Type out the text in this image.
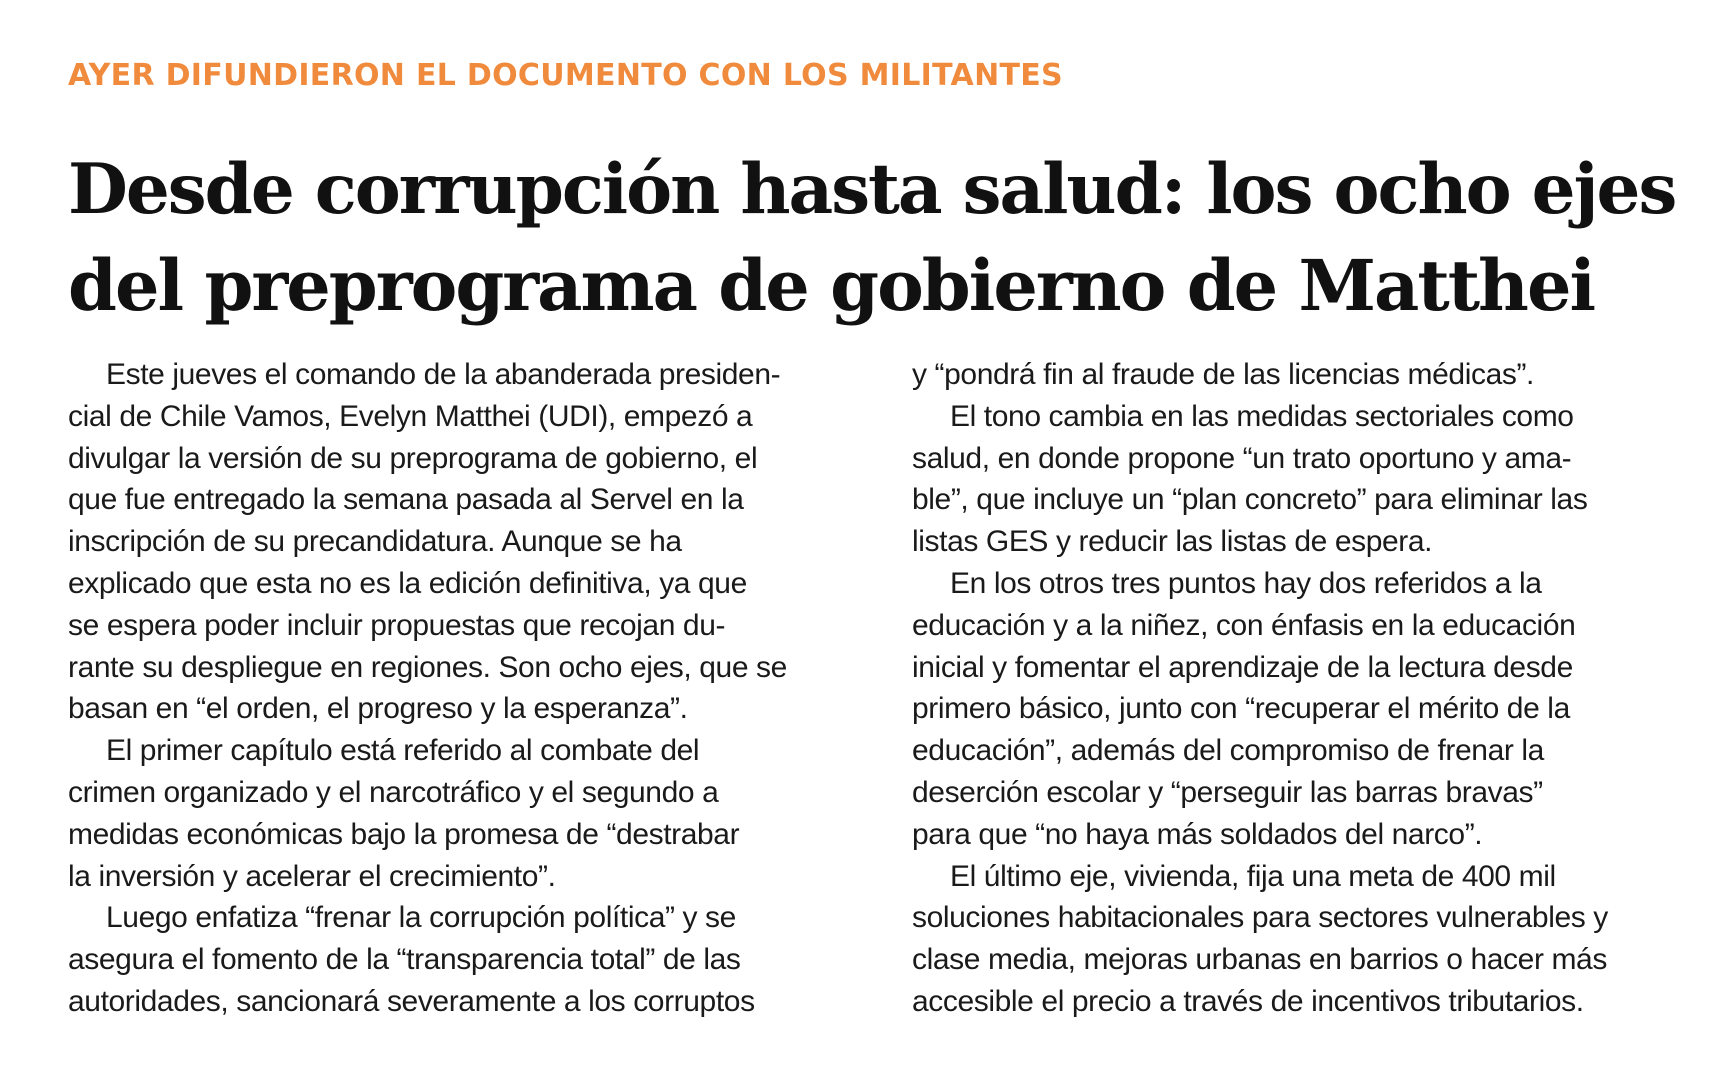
AYER DIFUNDIERON EL DOCUMENTO CON LOS MILITANTES
Desde corrupción hasta salud: los ocho ejes
del preprograma de gobierno de Matthei
Este jueves el comando de la abanderada presiden-
cial de Chile Vamos, Evelyn Matthei (UDI), empezó a
divulgar la versión de su preprograma de gobierno, el
que fue entregado la semana pasada al Servel en la
inscripción de su precandidatura. Aunque se ha
explicado que esta no es la edición definitiva, ya que
se espera poder incluir propuestas que recojan du-
rante su despliegue en regiones. Son ocho ejes, que se
basan en “el orden, el progreso y la esperanza”.
El primer capítulo está referido al combate del
crimen organizado y el narcotráfico y el segundo a
medidas económicas bajo la promesa de “destrabar
la inversión y acelerar el crecimiento”.
Luego enfatiza “frenar la corrupción política” y se
asegura el fomento de la “transparencia total” de las
autoridades, sancionará severamente a los corruptos
y “pondrá fin al fraude de las licencias médicas”.
El tono cambia en las medidas sectoriales como
salud, en donde propone “un trato oportuno y ama-
ble”, que incluye un “plan concreto” para eliminar las
listas GES y reducir las listas de espera.
En los otros tres puntos hay dos referidos a la
educación y a la niñez, con énfasis en la educación
inicial y fomentar el aprendizaje de la lectura desde
primero básico, junto con “recuperar el mérito de la
educación”, además del compromiso de frenar la
deserción escolar y “perseguir las barras bravas”
para que “no haya más soldados del narco”.
El último eje, vivienda, fija una meta de 400 mil
soluciones habitacionales para sectores vulnerables y
clase media, mejoras urbanas en barrios o hacer más
accesible el precio a través de incentivos tributarios.
